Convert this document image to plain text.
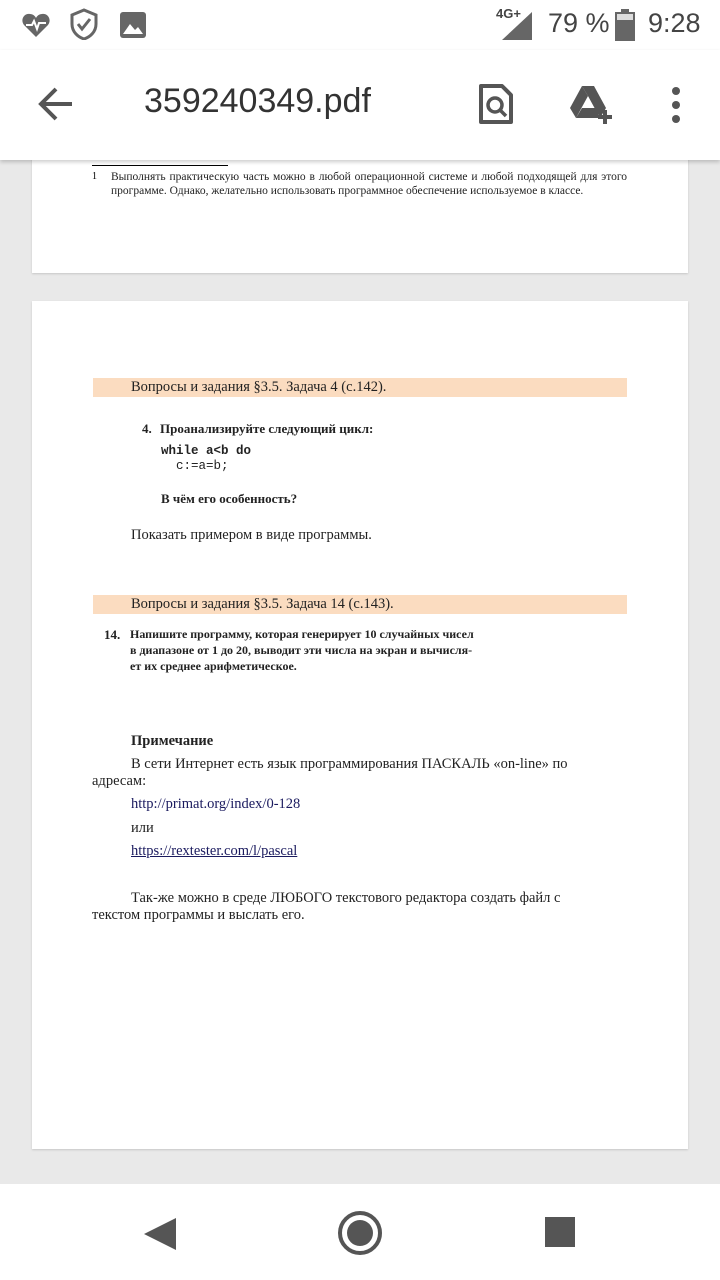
4G+ 79 % 9:28
359240349.pdf
1 Выполнять практическую часть можно в любой операционной системе и любой подходящей для этого программе. Однако, желательно использовать программное обеспечение используемое в классе.
Вопросы и задания §3.5. Задача 4 (с.142).
4. Проанализируйте следующий цикл:
while a<b do
c:=a=b;
В чём его особенность?
Показать примером в виде программы.
Вопросы и задания §3.5. Задача 14 (с.143).
14. Напишите программу, которая генерирует 10 случайных чисел
в диапазоне от 1 до 20, выводит эти числа на экран и вычисля-
ет их среднее арифметическое.
Примечание
В сети Интернет есть язык программирования ПАСКАЛЬ «on-line» по
адресам:
http://primat.org/index/0-128
или
https://rextester.com/l/pascal
Так-же можно в среде ЛЮБОГО текстового редактора создать файл с
текстом программы и выслать его.
